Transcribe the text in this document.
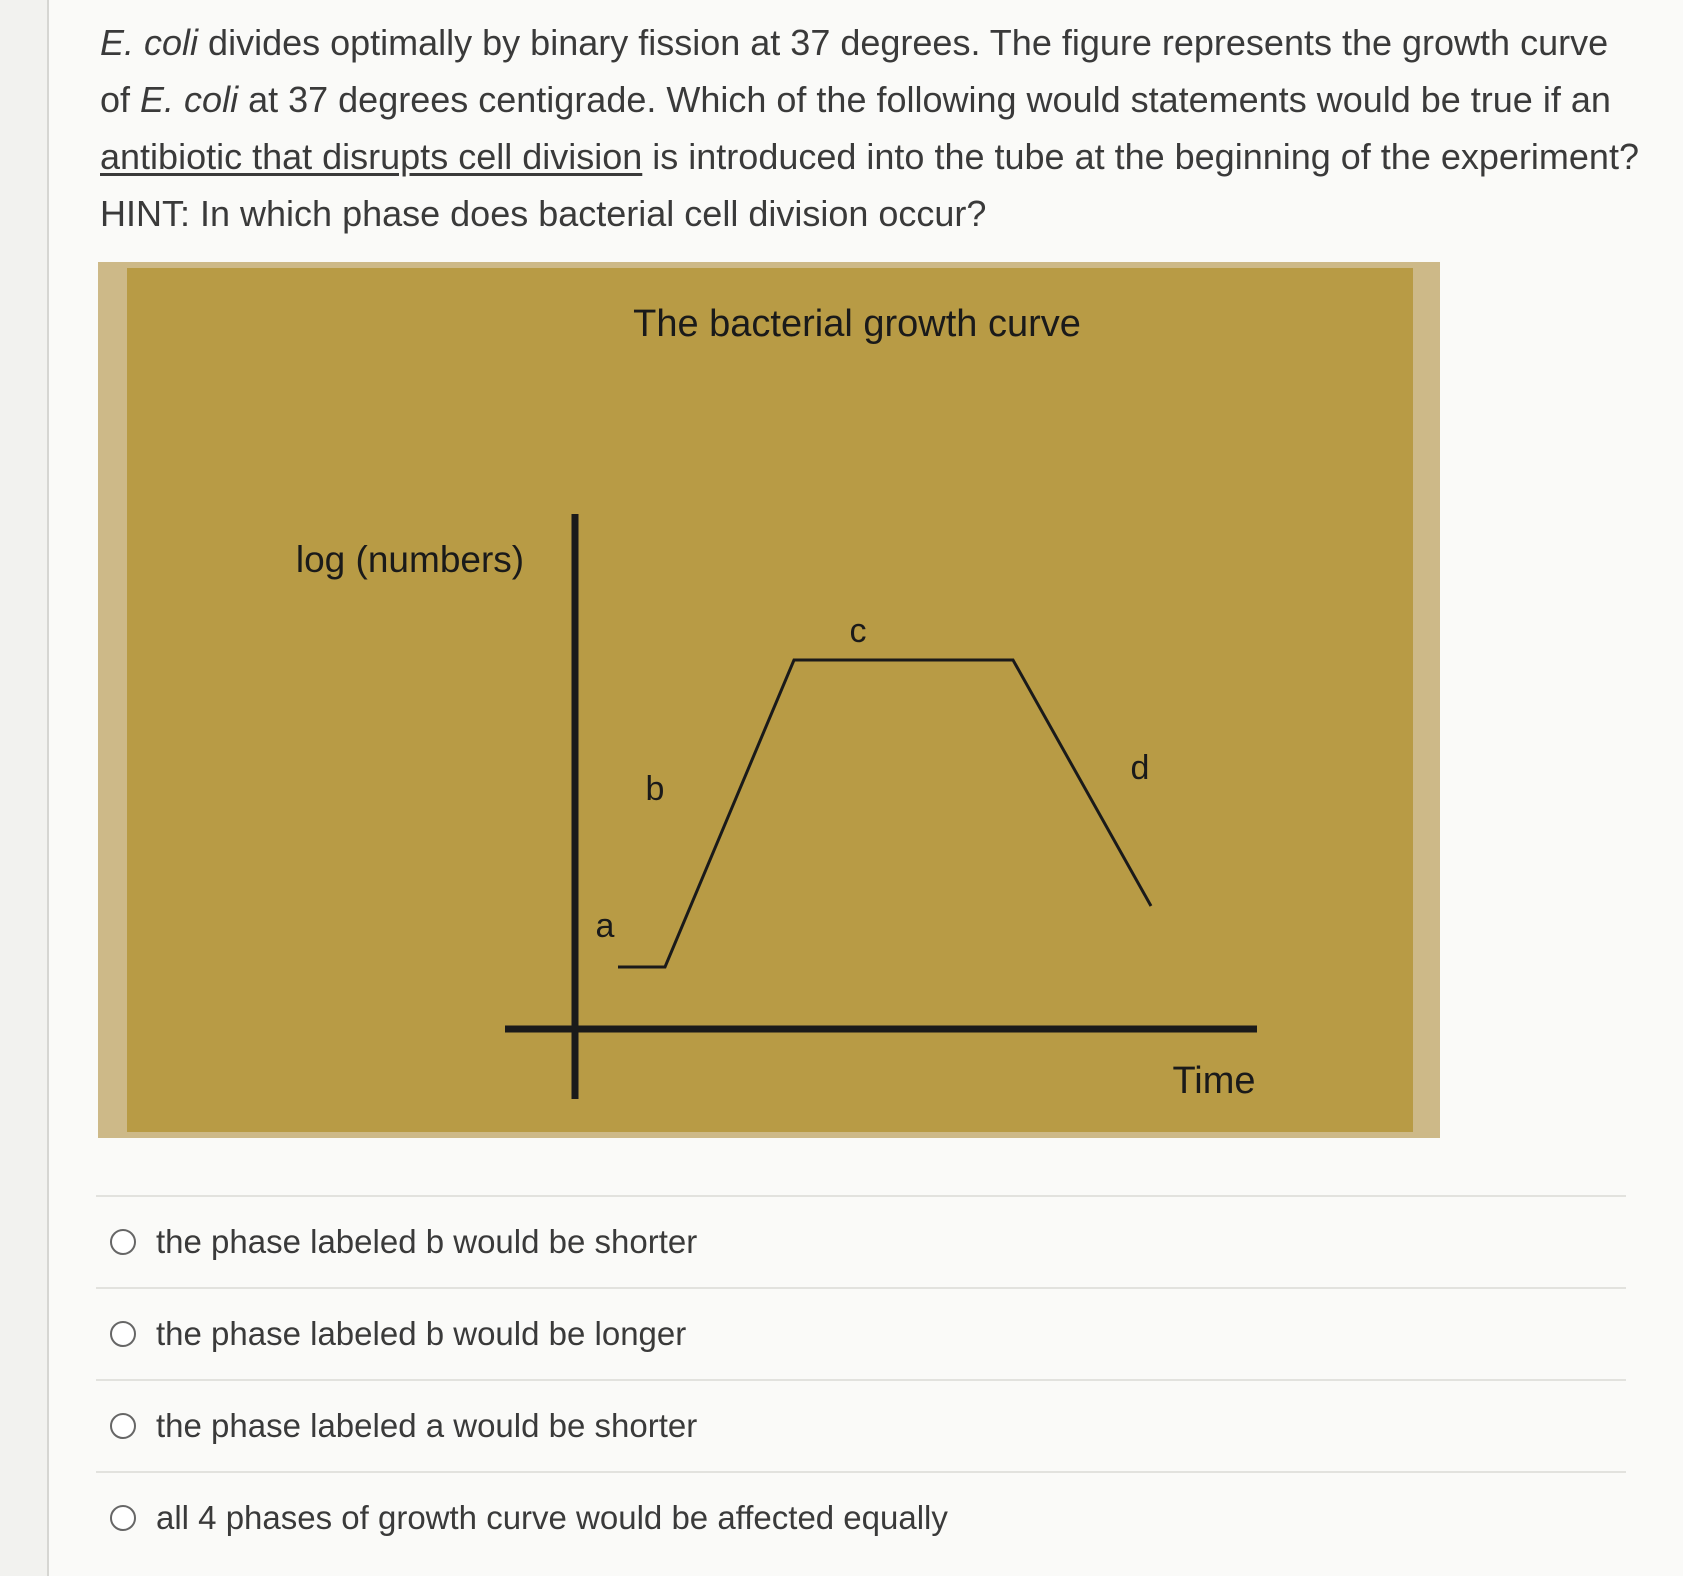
E. coli divides optimally by binary fission at 37 degrees. The figure represents the growth curve of E. coli at 37 degrees centigrade. Which of the following would statements would be true if an antibiotic that disrupts cell division is introduced into the tube at the beginning of the experiment? HINT: In which phase does bacterial cell division occur?
The bacterial growth curve
log (numbers)
Time
a
b
c
d
the phase labeled b would be shorter
the phase labeled b would be longer
the phase labeled a would be shorter
all 4 phases of growth curve would be affected equally
